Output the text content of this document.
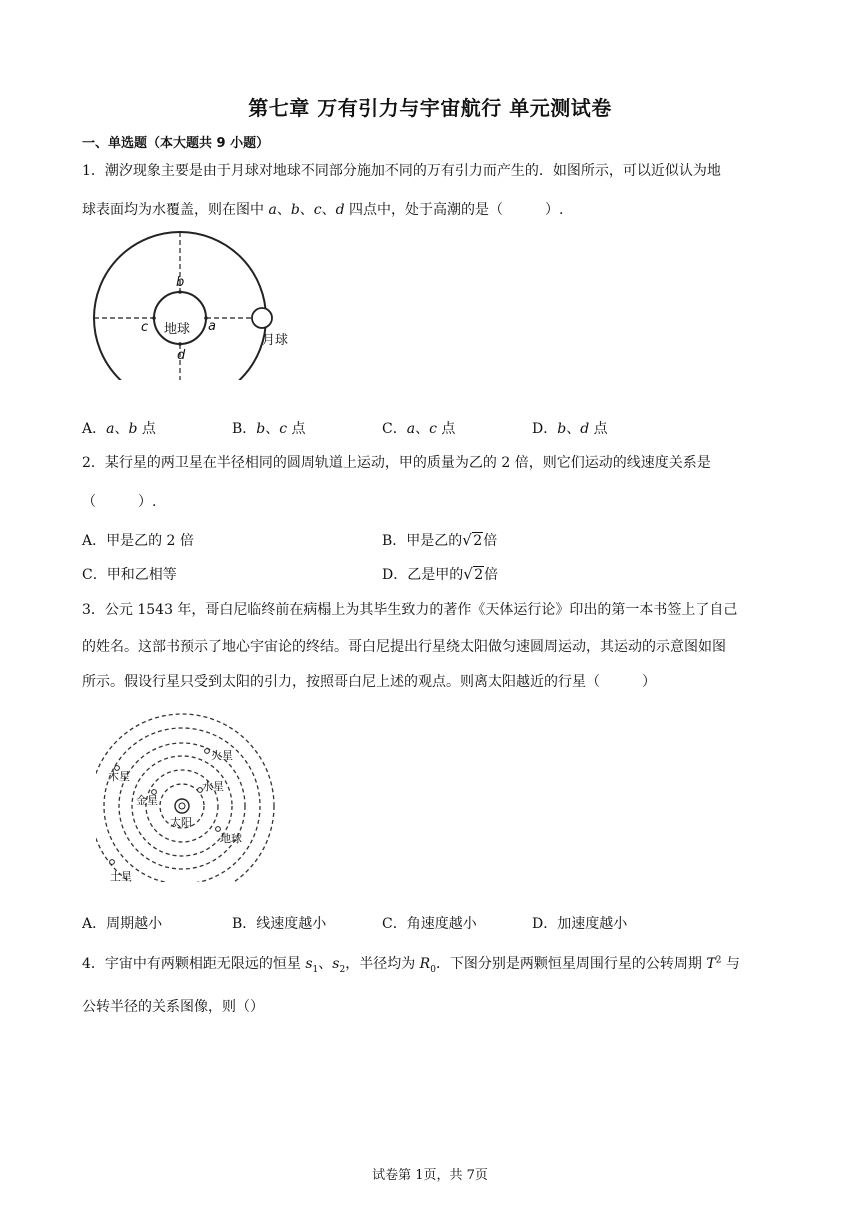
第七章 万有引力与宇宙航行 单元测试卷
一、单选题（本大题共 9 小题）
1．潮汐现象主要是由于月球对地球不同部分施加不同的万有引力而产生的．如图所示，可以近似认为地
球表面均为水覆盖，则在图中 a、b、c、d 四点中，处于高潮的是（　　　）.
地球
月球
a
b
c
d
A．a、b 点	B．b、c 点	C．a、c 点	D．b、d 点
2．某行星的两卫星在半径相同的圆周轨道上运动，甲的质量为乙的 2 倍，则它们运动的线速度关系是
（　　　）.
A．甲是乙的 2 倍	B．甲是乙的 √ 2倍
C．甲和乙相等	D．乙是甲的 √ 2倍
3．公元 1543 年，哥白尼临终前在病榻上为其毕生致力的著作《天体运行论》印出的第一本书签上了自己
的姓名。这部书预示了地心宇宙论的终结。哥白尼提出行星绕太阳做匀速圆周运动，其运动的示意图如图
所示。假设行星只受到太阳的引力，按照哥白尼上述的观点。则离太阳越近的行星（　　　）
太阳
水星
金星
地球
火星
木星
土星
A．周期越小	B．线速度越小	C．角速度越小	D．加速度越小
4．宇宙中有两颗相距无限远的恒星 $s_1$、$s_2$，半径均为 $R_0$．下图分别是两颗恒星周围行星的公转周期 $T^2$ 与
公转半径的关系图像，则（）
试卷第 1页，共 7页
